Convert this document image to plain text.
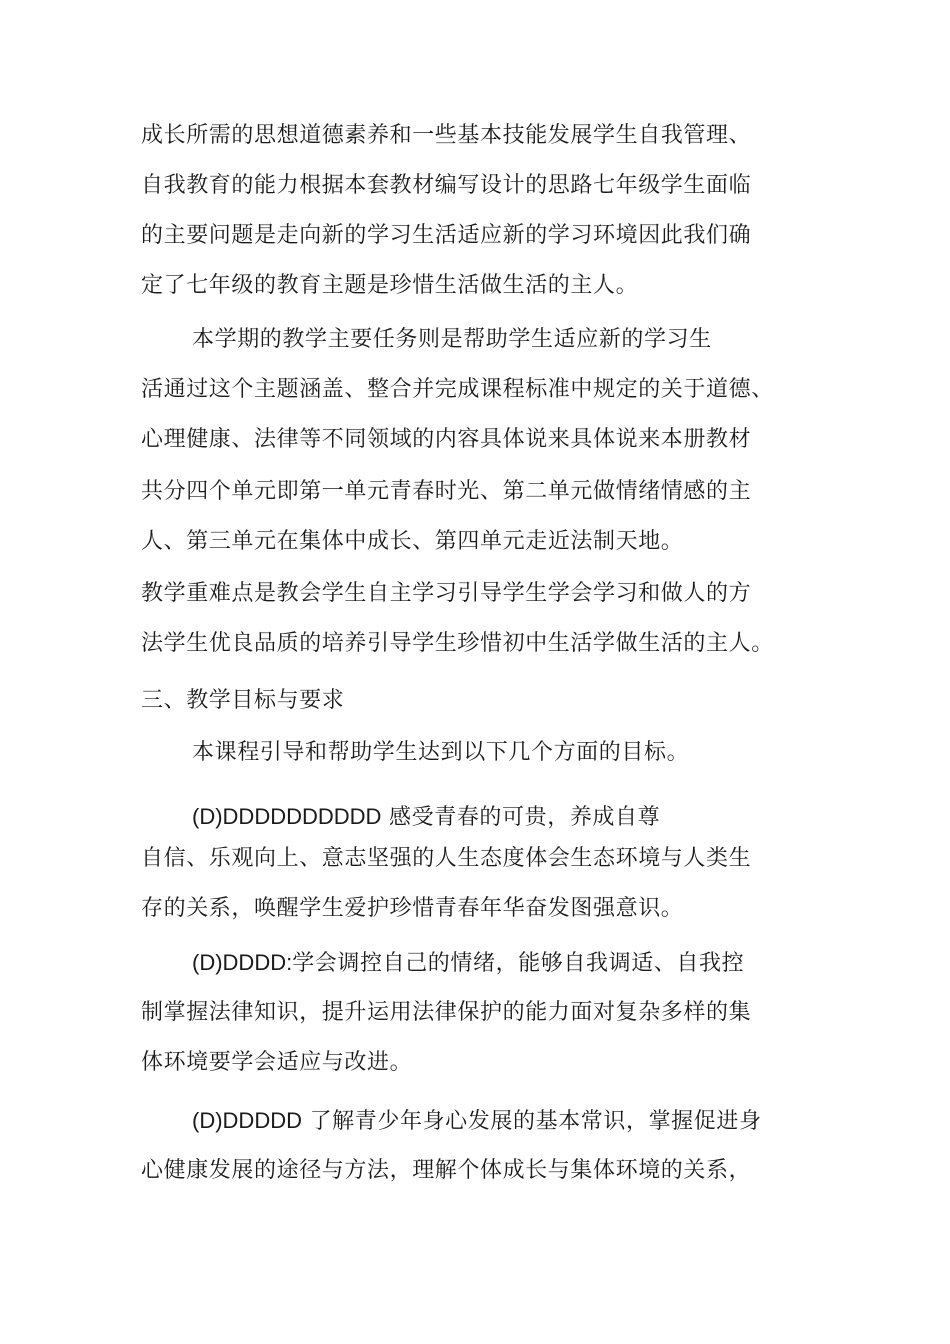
成长所需的思想道德素养和一些基本技能发展学生自我管理、
自我教育的能力根据本套教材编写设计的思路七年级学生面临
的主要问题是走向新的学习生活适应新的学习环境因此我们确
定了七年级的教育主题是珍惜生活做生活的主人。
本学期的教学主要任务则是帮助学生适应新的学习生
活通过这个主题涵盖、整合并完成课程标准中规定的关于道德、
心理健康、法律等不同领域的内容具体说来具体说来本册教材
共分四个单元即第一单元青春时光、第二单元做情绪情感的主
人、第三单元在集体中成长、第四单元走近法制天地。
教学重难点是教会学生自主学习引导学生学会学习和做人的方
法学生优良品质的培养引导学生珍惜初中生活学做生活的主人。
三、教学目标与要求
本课程引导和帮助学生达到以下几个方面的目标。
(D)DDDDDDDDDD 感受青春的可贵，养成自尊
自信、乐观向上、意志坚强的人生态度体会生态环境与人类生
存的关系，唤醒学生爱护珍惜青春年华奋发图强意识。
(D)DDDD:学会调控自己的情绪，能够自我调适、自我控
制掌握法律知识，提升运用法律保护的能力面对复杂多样的集
体环境要学会适应与改进。
(D)DDDDD 了解青少年身心发展的基本常识，掌握促进身
心健康发展的途径与方法，理解个体成长与集体环境的关系，
